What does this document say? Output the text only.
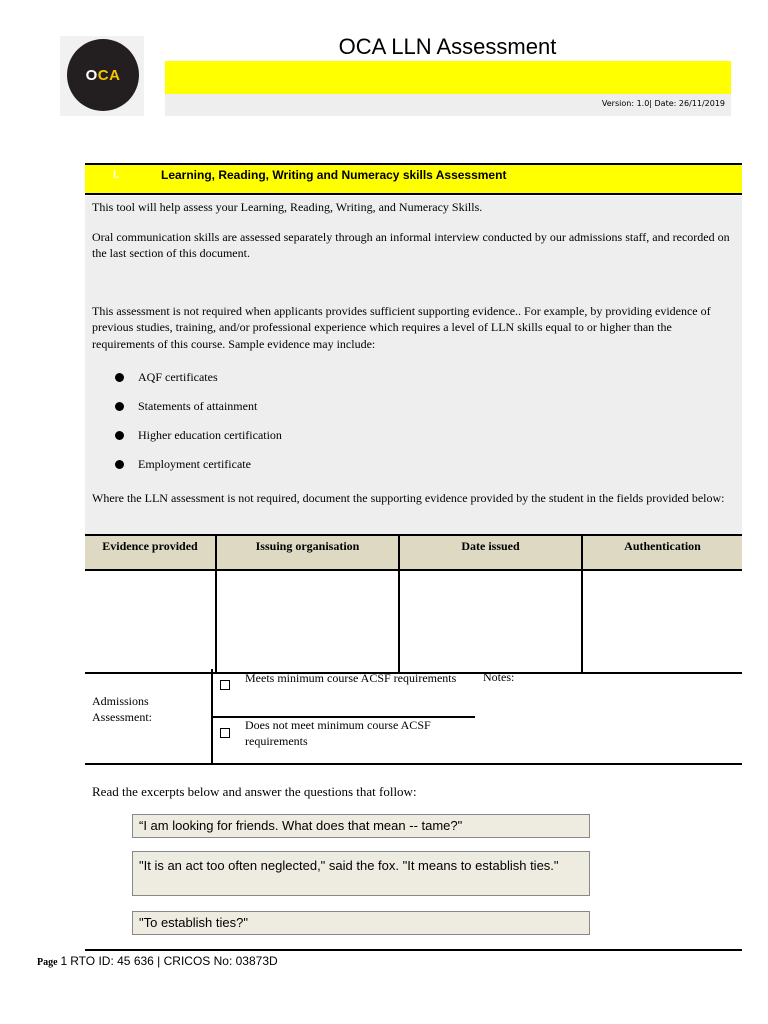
O CA
OCA LLN Assessment
Version: 1.0| Date: 26/11/2019
I.	Learning, Reading, Writing and Numeracy skills Assessment

This tool will help assess your Learning, Reading, Writing, and Numeracy Skills.

Oral communication skills are assessed separately through an informal interview conducted by our admissions staff, and recorded on the last section of this document.

This assessment is not required when applicants provides sufficient supporting evidence.. For example, by providing evidence of previous studies, training, and/or professional experience which requires a level of LLN skills equal to or higher than the requirements of this course. Sample evidence may include:

AQF certificates
Statements of attainment
Higher education certification
Employment certificate

Where the LLN assessment is not required, document the supporting evidence provided by the student in the fields provided below:

Evidence provided	Issuing organisation	Date issued	Authentication

Admissions Assessment:
Meets minimum course ACSF requirements
Does not meet minimum course ACSF requirements
Notes:
Read the excerpts below and answer the questions that follow:
“I am looking for friends. What does that mean -- tame?"
"It is an act too often neglected," said the fox. "It means to establish ties."
"To establish ties?"
Page 1 RTO ID: 45 636 | CRICOS No: 03873D
